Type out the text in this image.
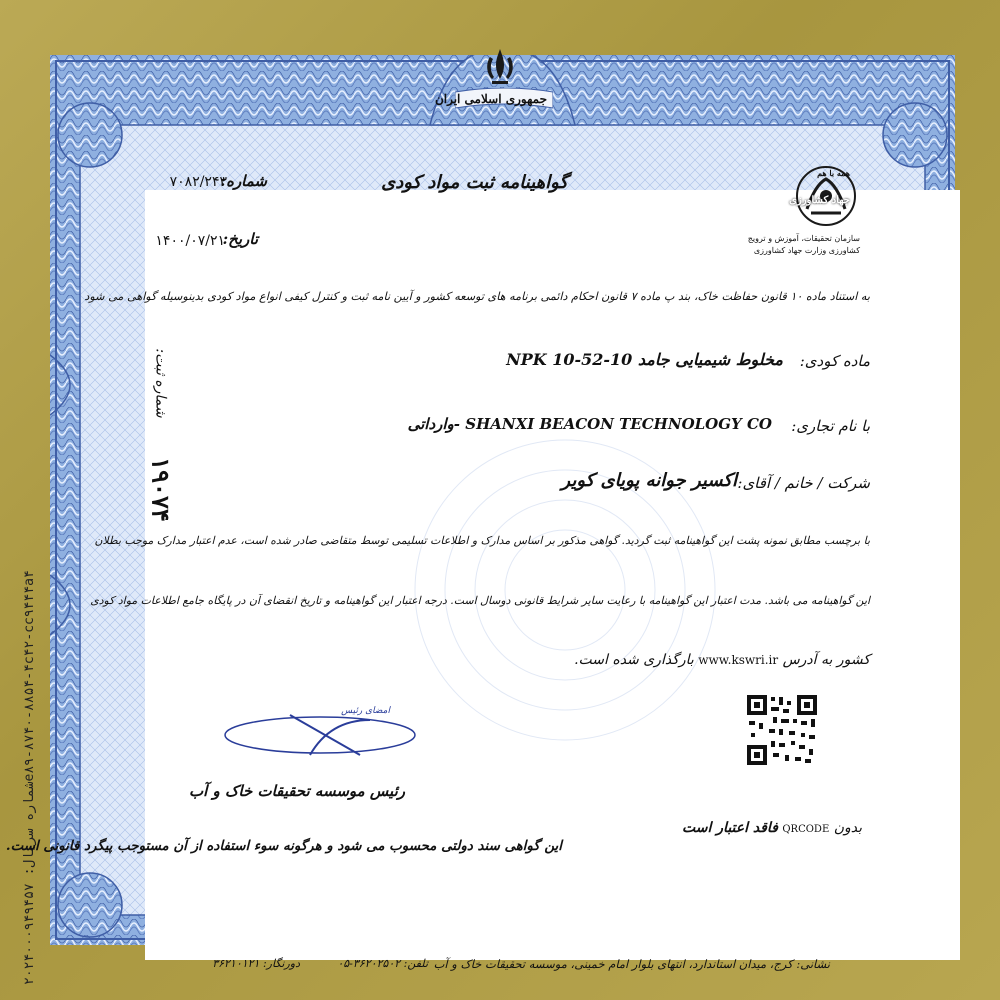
شماره سریال: ۲۰۲۴۰۰۰۹۴۹۴۵۷e۸۹-۸۷۴۰-۸۸۵۴-۴c۴۲-cc۹۴۴۴a۴
جمهوری اسلامی ایران
همه با هم
جهاد کشاورزی
سازمان تحقیقات، آموزش و ترویج
کشاورزی وزارت جهاد کشاورزی
گواهینامه ثبت مواد کودی
شماره:
۷۰۸۲/۲۴۳
تاریخ:
۱۴۰۰/۰۷/۲۱
به استناد ماده ۱۰ قانون حفاظت خاک، بند پ ماده ۷ قانون احکام دائمی برنامه های توسعه کشور و آیین نامه ثبت و کنترل کیفی انواع مواد کودی بدینوسیله گواهی می شود
ماده کودی:
مخلوط شیمیایی جامد NPK 10-52-10
با نام تجاری:
SHANXI BEACON TECHNOLOGY CO -وارداتی
شرکت / خانم / آقای:
اکسیر جوانه پویای کویر
شماره ثبت:
۱۹۰۷۴
با برچسب مطابق نمونه پشت این گواهینامه ثبت گردید. گواهی مذکور بر اساس مدارک و اطلاعات تسلیمی توسط متقاضی صادر شده است، عدم اعتبار مدارک موجب بطلان
این گواهینامه می باشد. مدت اعتبار این گواهینامه با رعایت سایر شرایط قانونی دوسال است. درجه اعتبار این گواهینامه و تاریخ انقضای آن در پایگاه جامع اطلاعات مواد کودی
کشور به آدرس www.kswri.ir بارگذاری شده است.
امضای رئیس
رئیس موسسه تحقیقات خاک و آب
بدون QRCODE فاقد اعتبار است
این گواهی سند دولتی محسوب می شود و هرگونه سوء استفاده از آن مستوجب پیگرد قانونی است.
نشانی: کرج، میدان استاندارد، انتهای بلوار امام خمینی، موسسه تحقیقات خاک و آب
تلفن: ۳۶۲۰۲۵۰۲-۰۵
دورنگار: ۳۶۲۱۰۱۲۱
